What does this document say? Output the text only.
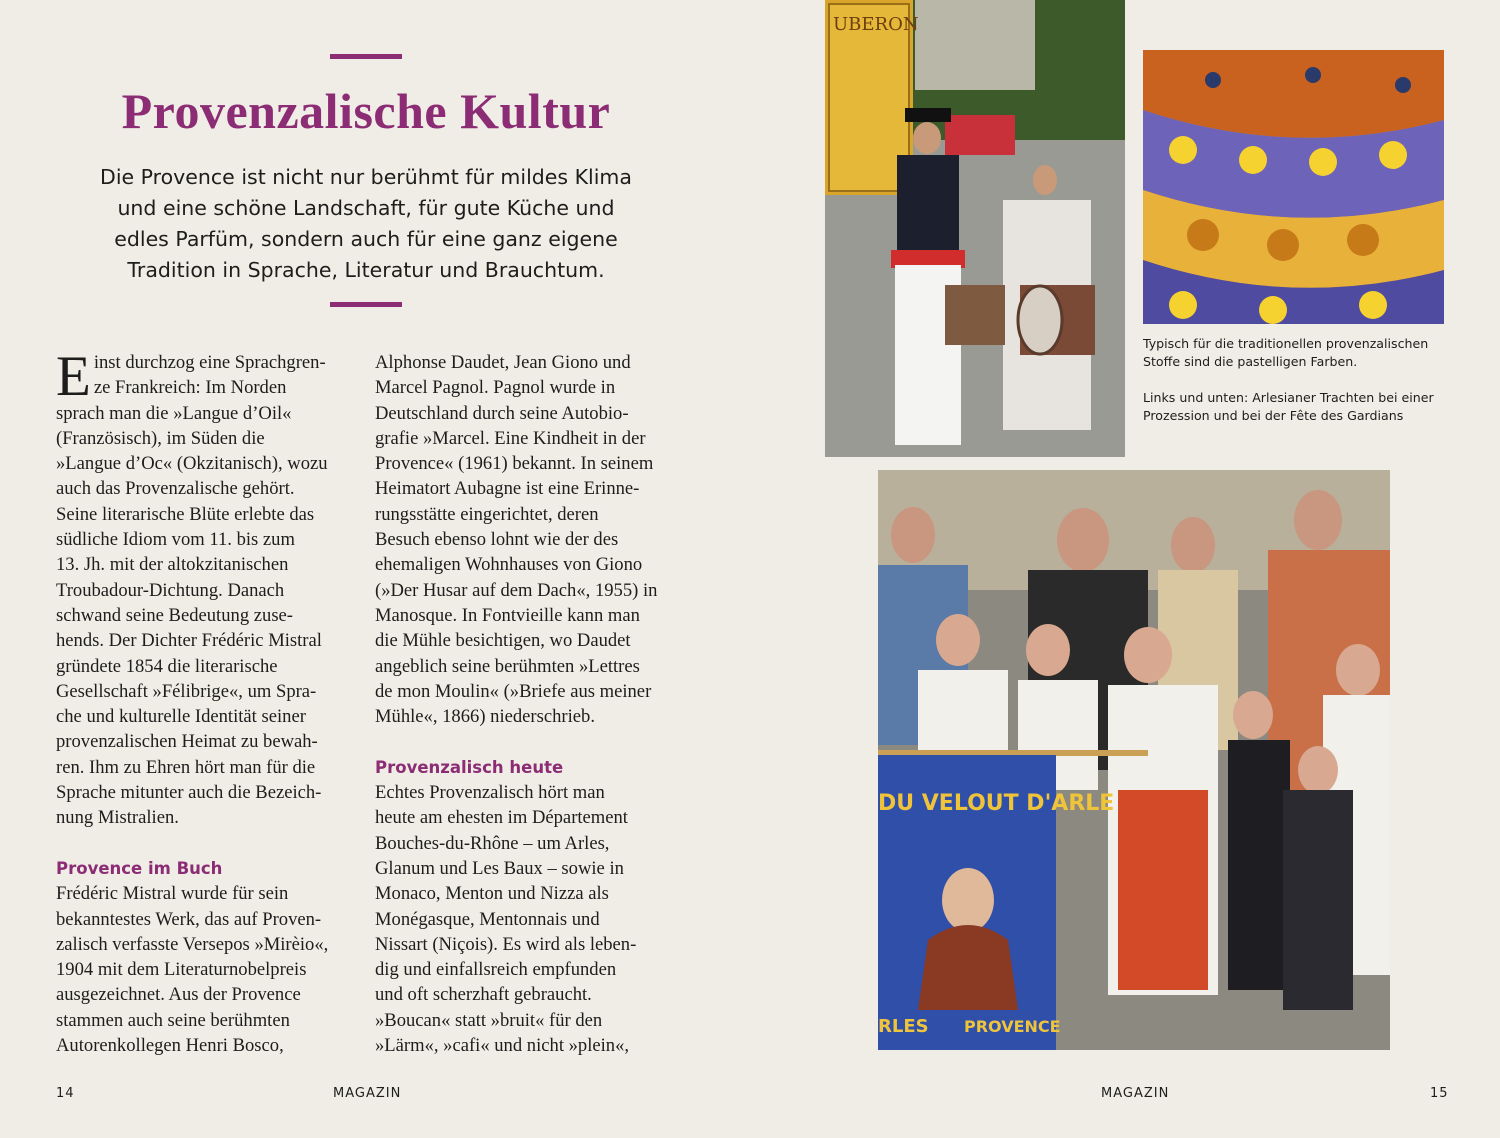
Provenzalische Kultur
Die Provence ist nicht nur berühmt für mildes Klima
und eine schöne Landschaft, für gute Küche und
edles Parfüm, sondern auch für eine ganz eigene
Tradition in Sprache, Literatur und Brauchtum.
E inst durchzog eine Sprachgren-
ze Frankreich: Im Norden
sprach man die »Langue d’Oil«
(Französisch), im Süden die
»Langue d’Oc« (Okzitanisch), wozu
auch das Provenzalische gehört.
Seine literarische Blüte erlebte das
südliche Idiom vom 11. bis zum
13. Jh. mit der altokzitanischen
Troubadour-Dichtung. Danach
schwand seine Bedeutung zuse-
hends. Der Dichter Frédéric Mistral
gründete 1854 die literarische
Gesellschaft »Félibrige«, um Spra-
che und kulturelle Identität seiner
provenzalischen Heimat zu bewah-
ren. Ihm zu Ehren hört man für die
Sprache mitunter auch die Bezeich-
nung Mistralien.
Provence im Buch
Frédéric Mistral wurde für sein
bekanntestes Werk, das auf Proven-
zalisch verfasste Versepos »Mirèio«,
1904 mit dem Literaturnobelpreis
ausgezeichnet. Aus der Provence
stammen auch seine berühmten
Autorenkollegen Henri Bosco,
Alphonse Daudet, Jean Giono und
Marcel Pagnol. Pagnol wurde in
Deutschland durch seine Autobio-
grafie »Marcel. Eine Kindheit in der
Provence« (1961) bekannt. In seinem
Heimatort Aubagne ist eine Erinne-
rungsstätte eingerichtet, deren
Besuch ebenso lohnt wie der des
ehemaligen Wohnhauses von Giono
(»Der Husar auf dem Dach«, 1955) in
Manosque. In Fontvieille kann man
die Mühle besichtigen, wo Daudet
angeblich seine berühmten »Lettres
de mon Moulin« (»Briefe aus meiner
Mühle«, 1866) niederschrieb.
Provenzalisch heute
Echtes Provenzalisch hört man
heute am ehesten im Département
Bouches-du-Rhône – um Arles,
Glanum und Les Baux – sowie in
Monaco, Menton und Nizza als
Monégasque, Mentonnais und
Nissart (Niçois). Es wird als leben-
dig und einfallsreich empfunden
und oft scherzhaft gebraucht.
»Boucan« statt »bruit« für den
»Lärm«, »cafi« und nicht »plein«,
UBERON
DU VELOUT D'ARLE
RLES PROVENCE

Typisch für die traditionellen provenzalischen
Stoffe sind die pastelligen Farben.

Links und unten: Arlesianer Trachten bei einer
Prozession und bei der Fête des Gardians

14	MAGAZIN	MAGAZIN	15
